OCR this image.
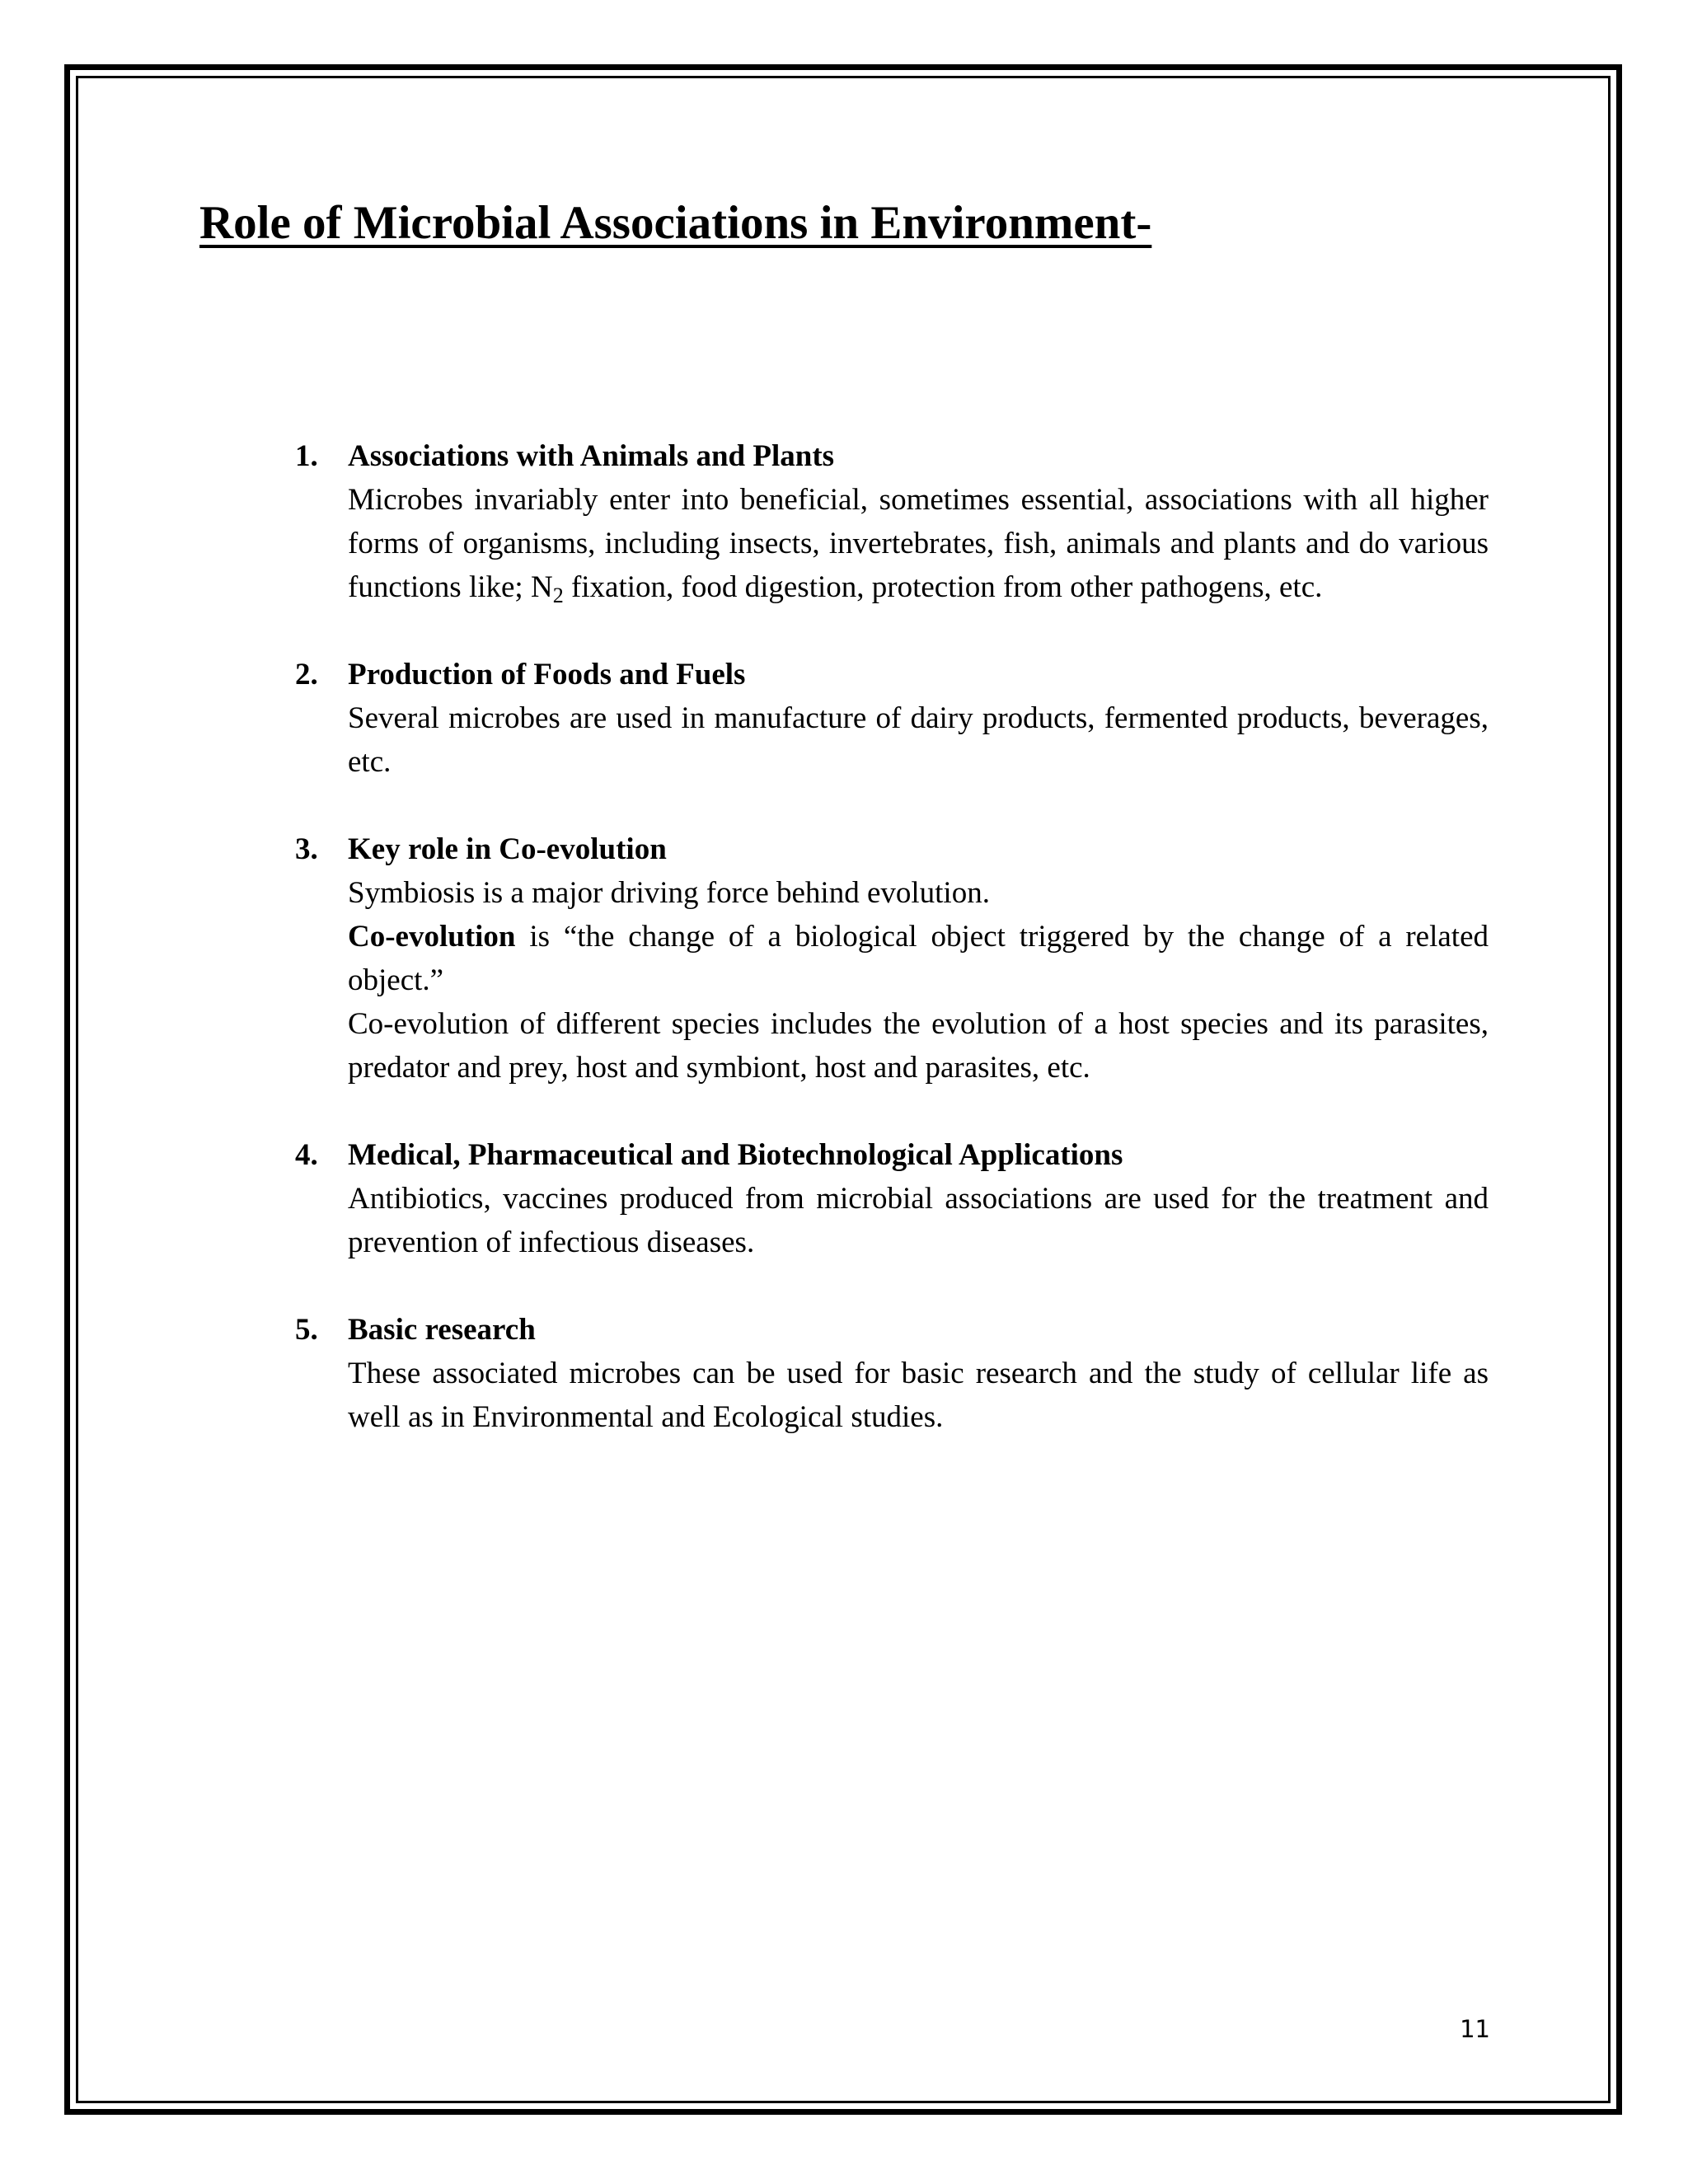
Role of Microbial Associations in Environment-
1. Associations with Animals and Plants

Microbes invariably enter into beneficial, sometimes essential, associations with all higher forms of organisms, including insects, invertebrates, fish, animals and plants and do various functions like; $N_2$ fixation, food digestion, protection from other pathogens, etc.

2. Production of Foods and Fuels

Several microbes are used in manufacture of dairy products, fermented products, beverages, etc.

3. Key role in Co-evolution

Symbiosis is a major driving force behind evolution.

Co-evolution is “the change of a biological object triggered by the change of a related object.”

Co-evolution of different species includes the evolution of a host species and its parasites, predator and prey, host and symbiont, host and parasites, etc.

4. Medical, Pharmaceutical and Biotechnological Applications

Antibiotics, vaccines produced from microbial associations are used for the treatment and prevention of infectious diseases.

5. Basic research

These associated microbes can be used for basic research and the study of cellular life as well as in Environmental and Ecological studies.

11
